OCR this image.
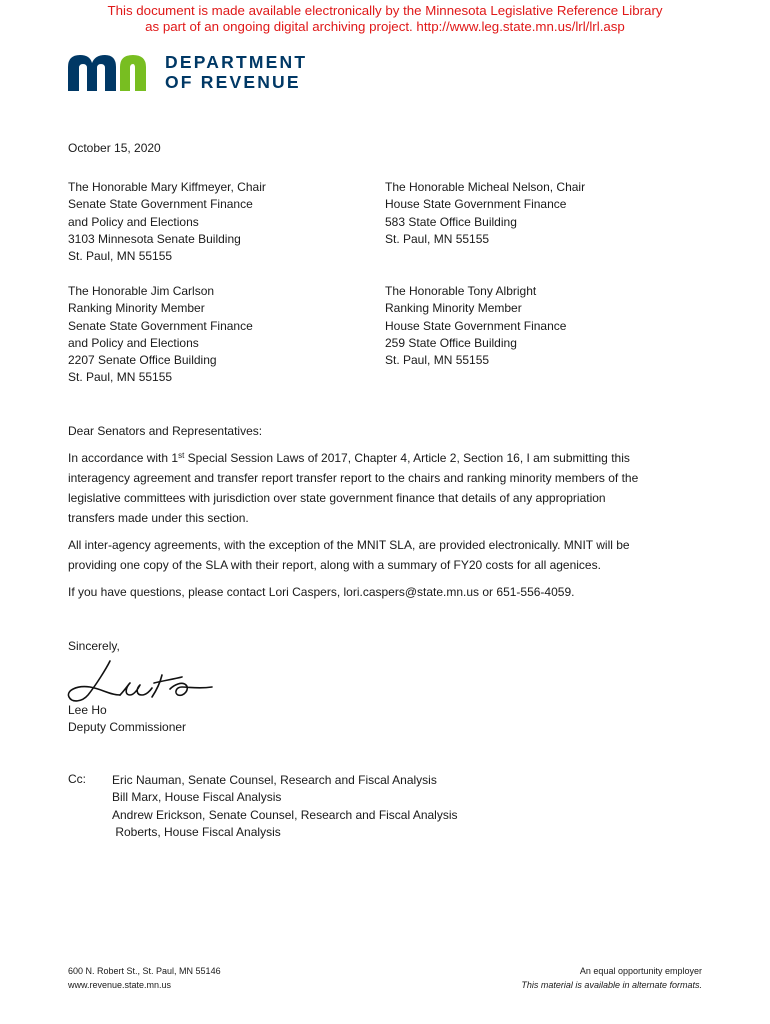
This document is made available electronically by the Minnesota Legislative Reference Library
as part of an ongoing digital archiving project. http://www.leg.state.mn.us/lrl/lrl.asp
DEPARTMENT
OF REVENUE
October 15, 2020
The Honorable Mary Kiffmeyer, Chair
Senate State Government Finance
and Policy and Elections
3103 Minnesota Senate Building
St. Paul, MN 55155
The Honorable Micheal Nelson, Chair
House State Government Finance
583 State Office Building
St. Paul, MN 55155
The Honorable Jim Carlson
Ranking Minority Member
Senate State Government Finance
and Policy and Elections
2207 Senate Office Building
St. Paul, MN 55155
The Honorable Tony Albright
Ranking Minority Member
House State Government Finance
259 State Office Building
St. Paul, MN 55155
Dear Senators and Representatives:
In accordance with 1st Special Session Laws of 2017, Chapter 4, Article 2, Section 16, I am submitting this
interagency agreement and transfer report transfer report to the chairs and ranking minority members of the
legislative committees with jurisdiction over state government finance that details of any appropriation
transfers made under this section.
All inter-agency agreements, with the exception of the MNIT SLA, are provided electronically. MNIT will be
providing one copy of the SLA with their report, along with a summary of FY20 costs for all agenices.
If you have questions, please contact Lori Caspers, lori.caspers@state.mn.us or 651-556-4059.
Sincerely,
Lee Ho
Deputy Commissioner
Cc: Eric Nauman, Senate Counsel, Research and Fiscal Analysis
Bill Marx, House Fiscal Analysis
Andrew Erickson, Senate Counsel, Research and Fiscal Analysis
Roberts, House Fiscal Analysis
600 N. Robert St., St. Paul, MN 55146
www.revenue.state.mn.us
An equal opportunity employer
This material is available in alternate formats.
